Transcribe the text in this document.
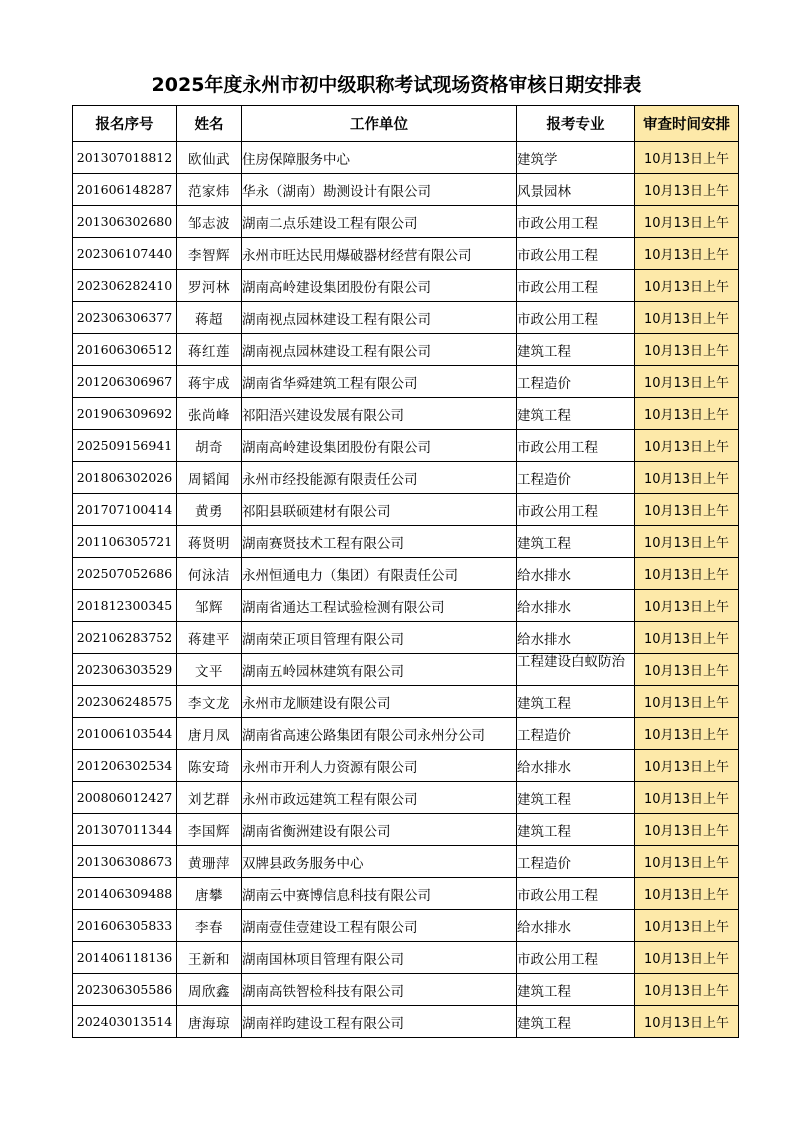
2025年度永州市初中级职称考试现场资格审核日期安排表
报名序号	姓名	工作单位	报考专业	审查时间安排
201307018812	欧仙武	住房保障服务中心	建筑学	10月13日上午
201606148287	范家炜	华永（湖南）勘测设计有限公司	风景园林	10月13日上午
201306302680	邹志波	湖南二点乐建设工程有限公司	市政公用工程	10月13日上午
202306107440	李智辉	永州市旺达民用爆破器材经营有限公司	市政公用工程	10月13日上午
202306282410	罗河林	湖南高岭建设集团股份有限公司	市政公用工程	10月13日上午
202306306377	蒋超	湖南视点园林建设工程有限公司	市政公用工程	10月13日上午
201606306512	蒋红莲	湖南视点园林建设工程有限公司	建筑工程	10月13日上午
201206306967	蒋宇成	湖南省华舜建筑工程有限公司	工程造价	10月13日上午
201906309692	张尚峰	祁阳浯兴建设发展有限公司	建筑工程	10月13日上午
202509156941	胡奇	湖南高岭建设集团股份有限公司	市政公用工程	10月13日上午
201806302026	周韬闻	永州市经投能源有限责任公司	工程造价	10月13日上午
201707100414	黄勇	祁阳县联硕建材有限公司	市政公用工程	10月13日上午
201106305721	蒋贤明	湖南赛贤技术工程有限公司	建筑工程	10月13日上午
202507052686	何泳洁	永州恒通电力（集团）有限责任公司	给水排水	10月13日上午
201812300345	邹辉	湖南省通达工程试验检测有限公司	给水排水	10月13日上午
202106283752	蒋建平	湖南荣正项目管理有限公司	给水排水	10月13日上午
202306303529	文平	湖南五岭园林建筑有限公司	工程建设白蚁防治	10月13日上午
202306248575	李文龙	永州市龙顺建设有限公司	建筑工程	10月13日上午
201006103544	唐月凤	湖南省高速公路集团有限公司永州分公司	工程造价	10月13日上午
201206302534	陈安琦	永州市开利人力资源有限公司	给水排水	10月13日上午
200806012427	刘艺群	永州市政远建筑工程有限公司	建筑工程	10月13日上午
201307011344	李国辉	湖南省衡洲建设有限公司	建筑工程	10月13日上午
201306308673	黄珊萍	双牌县政务服务中心	工程造价	10月13日上午
201406309488	唐攀	湖南云中赛博信息科技有限公司	市政公用工程	10月13日上午
201606305833	李春	湖南壹佳壹建设工程有限公司	给水排水	10月13日上午
201406118136	王新和	湖南国林项目管理有限公司	市政公用工程	10月13日上午
202306305586	周欣鑫	湖南高铁智检科技有限公司	建筑工程	10月13日上午
202403013514	唐海琼	湖南祥昀建设工程有限公司	建筑工程	10月13日上午
